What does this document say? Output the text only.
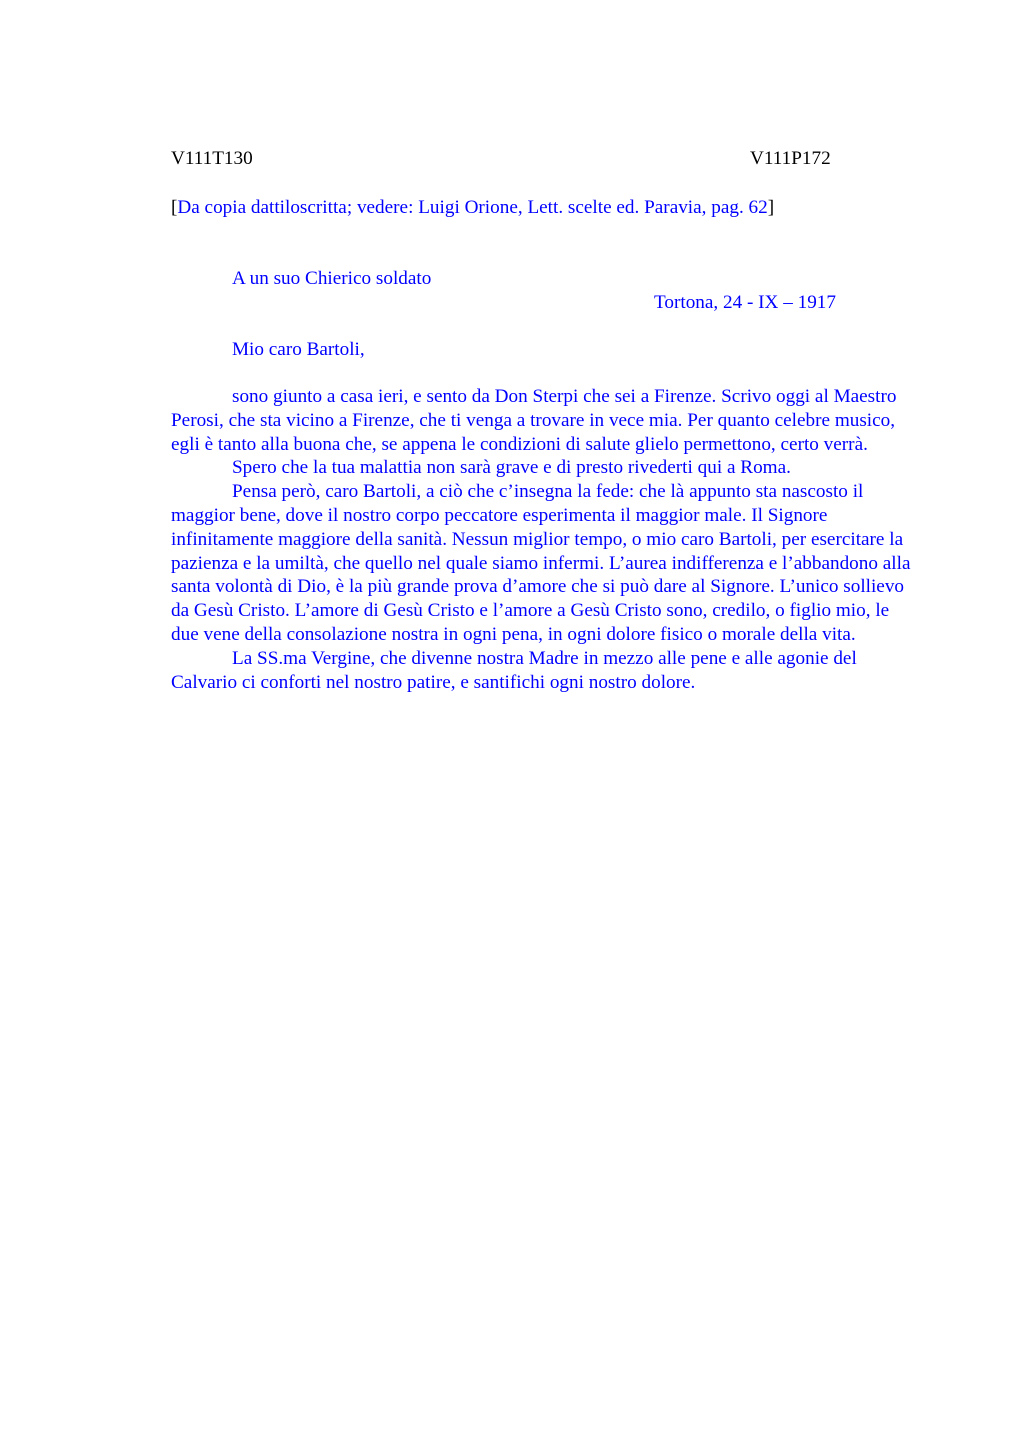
V111T130	V111P172
[Da copia dattiloscritta; vedere: Luigi Orione, Lett. scelte ed. Paravia, pag. 62]
A un suo Chierico soldato
Tortona, 24 - IX – 1917
Mio caro Bartoli,

sono giunto a casa ieri, e sento da Don Sterpi che sei a Firenze. Scrivo oggi al Maestro Perosi, che sta vicino a Firenze, che ti venga a trovare in vece mia. Per quanto celebre musico, egli è tanto alla buona che, se appena le condizioni di salute glielo permettono, certo verrà.

Spero che la tua malattia non sarà grave e di presto rivederti qui a Roma.

Pensa però, caro Bartoli, a ciò che c’insegna la fede: che là appunto sta nascosto il maggior bene, dove il nostro corpo peccatore esperimenta il maggior male. Il Signore infinitamente maggiore della sanità. Nessun miglior tempo, o mio caro Bartoli, per esercitare la pazienza e la umiltà, che quello nel quale siamo infermi. L’aurea indifferenza e l’abbandono alla santa volontà di Dio, è la più grande prova d’amore che si può dare al Signore. L’unico sollievo da Gesù Cristo. L’amore di Gesù Cristo e l’amore a Gesù Cristo sono, credilo, o figlio mio, le due vene della consolazione nostra in ogni pena, in ogni dolore fisico o morale della vita.

La SS.ma Vergine, che divenne nostra Madre in mezzo alle pene e alle agonie del Calvario ci conforti nel nostro patire, e santifichi ogni nostro dolore.
